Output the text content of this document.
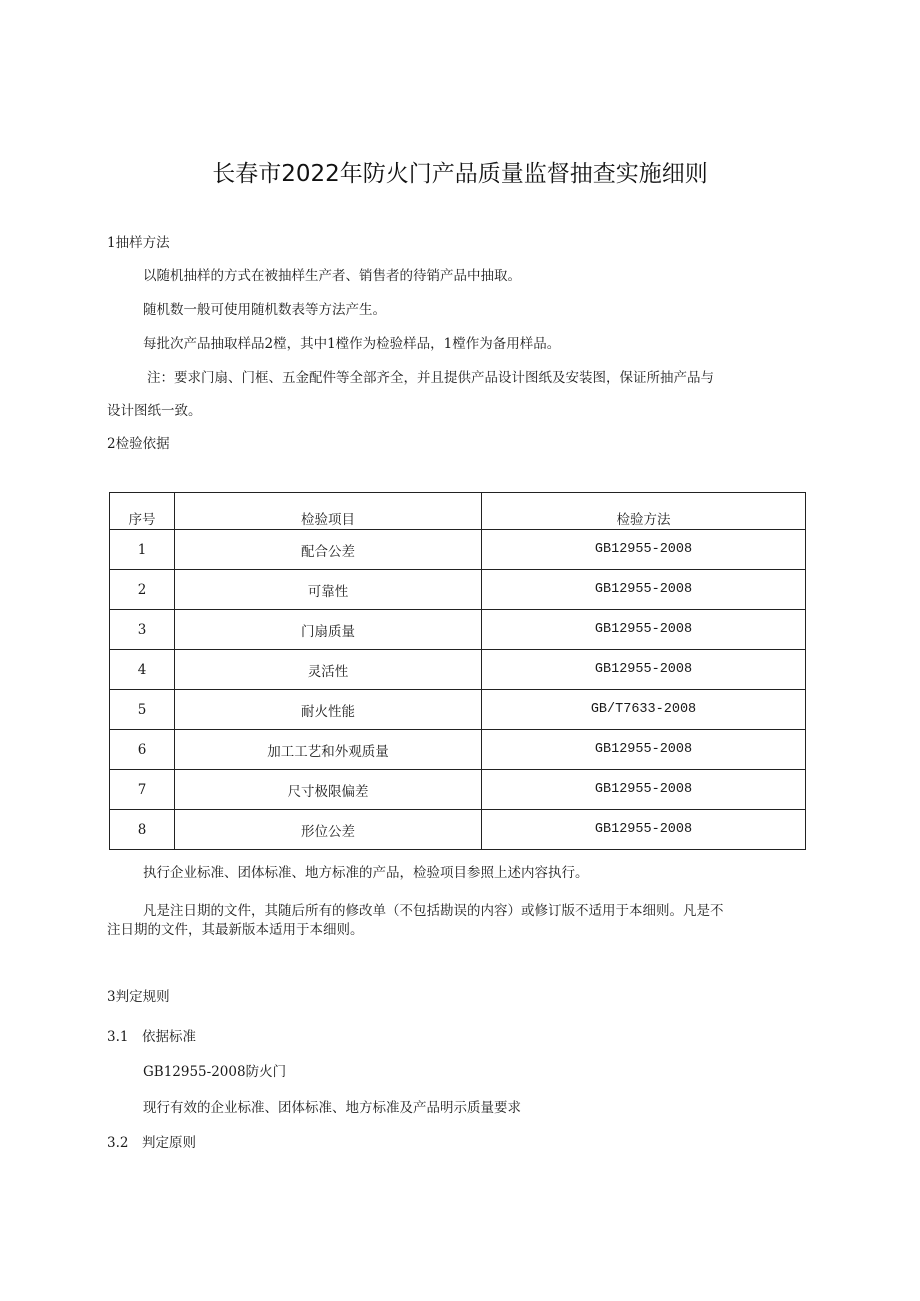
长春市2022年防火门产品质量监督抽查实施细则
1抽样方法
以随机抽样的方式在被抽样生产者、销售者的待销产品中抽取。
随机数一般可使用随机数表等方法产生。
每批次产品抽取样品2樘，其中1樘作为检验样品，1樘作为备用样品。
注：要求门扇、门框、五金配件等全部齐全，并且提供产品设计图纸及安装图，保证所抽产品与
设计图纸一致。
2检验依据
序号	检验项目	检验方法
1	配合公差	GB12955-2008
2	可靠性	GB12955-2008
3	门扇质量	GB12955-2008
4	灵活性	GB12955-2008
5	耐火性能	GB/T7633-2008
6	加工工艺和外观质量	GB12955-2008
7	尺寸极限偏差	GB12955-2008
8	形位公差	GB12955-2008
执行企业标准、团体标准、地方标准的产品，检验项目参照上述内容执行。
凡是注日期的文件，其随后所有的修改单（不包括勘误的内容）或修订版不适用于本细则。凡是不
注日期的文件，其最新版本适用于本细则。
3判定规则
3.1　依据标准
GB12955-2008防火门
现行有效的企业标准、团体标准、地方标准及产品明示质量要求
3.2　判定原则
